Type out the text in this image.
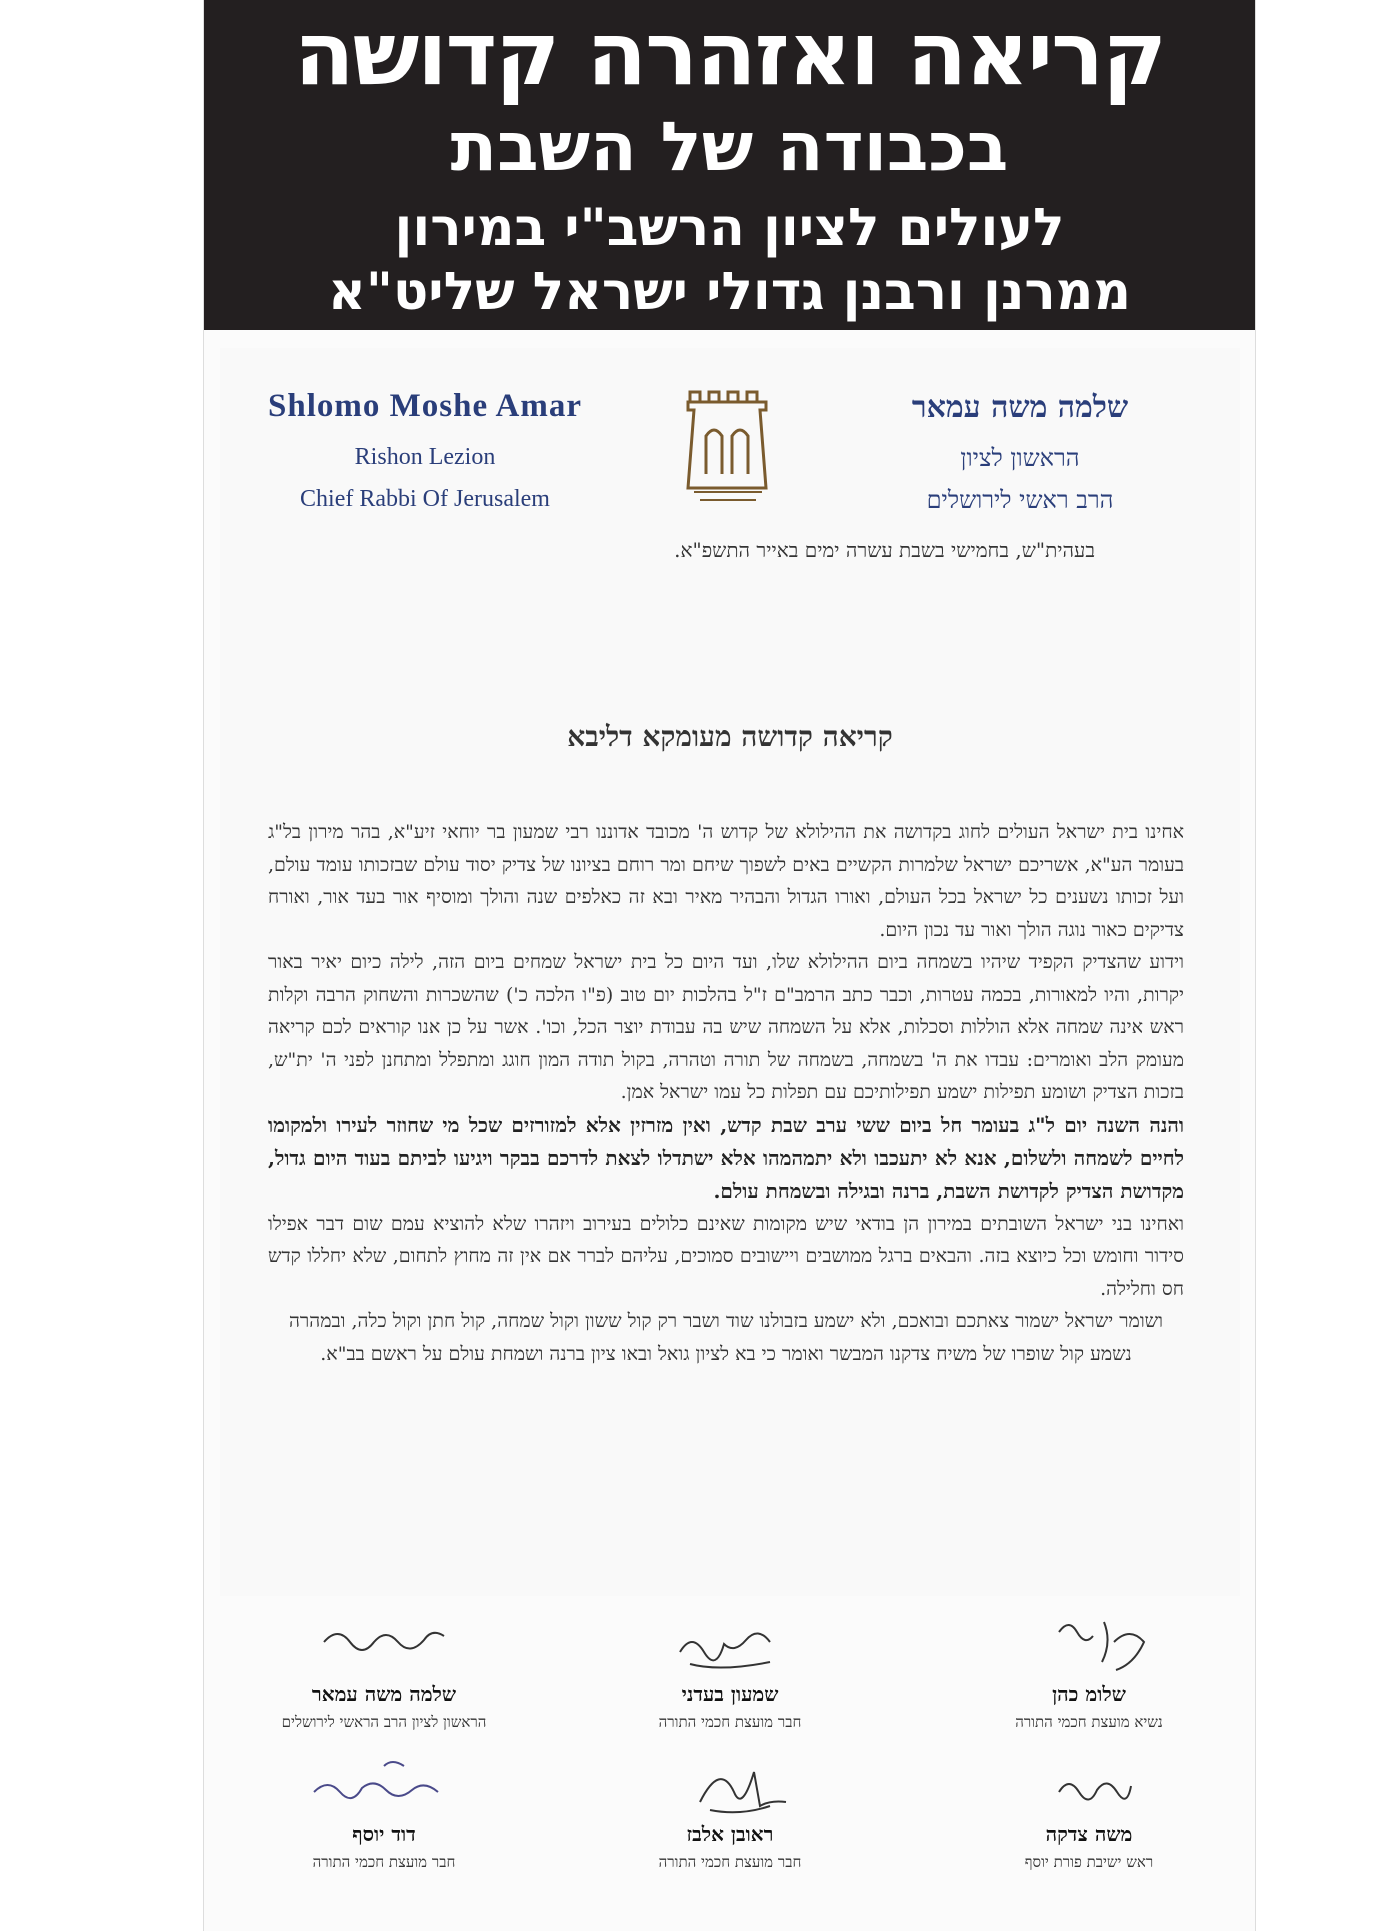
קריאה ואזהרה קדושה
בכבודה של השבת
לעולים לציון הרשב"י במירון
ממרנן ורבנן גדולי ישראל שליט"א
Shlomo Moshe Amar
Rishon Lezion
Chief Rabbi Of Jerusalem
שלמה משה עמאר
הראשון לציון
הרב ראשי לירושלים
בעהית"ש, בחמישי בשבת עשרה ימים באייר התשפ"א.
קריאה קדושה מעומקא דליבא

אחינו בית ישראל העולים לחוג בקדושה את ההילולא של קדוש ה' מכובד אדוננו רבי שמעון בר יוחאי זיע"א, בהר מירון בל"ג בעומר הע"א, אשריכם ישראל שלמרות הקשיים באים לשפוך שיחם ומר רוחם בציונו של צדיק יסוד עולם שבזכותו עומד עולם, ועל זכותו נשענים כל ישראל בכל העולם, ואורו הגדול והבהיר מאיר ובא זה כאלפים שנה והולך ומוסיף אור בעד אור, ואורח צדיקים כאור נוגה הולך ואור עד נכון היום.

וידוע שהצדיק הקפיד שיהיו בשמחה ביום ההילולא שלו, ועד היום כל בית ישראל שמחים ביום הזה, לילה כיום יאיר באור יקרות, והיו למאורות, בכמה עטרות, וכבר כתב הרמב"ם ז"ל בהלכות יום טוב (פ"ו הלכה כ') שהשכרות והשחוק הרבה וקלות ראש אינה שמחה אלא הוללות וסכלות, אלא על השמחה שיש בה עבודת יוצר הכל, וכו'. אשר על כן אנו קוראים לכם קריאה מעומק הלב ואומרים: עבדו את ה' בשמחה, בשמחה של תורה וטהרה, בקול תודה המון חוגג ומתפלל ומתחנן לפני ה' ית"ש, בזכות הצדיק ושומע תפילות ישמע תפילותיכם עם תפלות כל עמו ישראל אמן.

והנה השנה יום ל"ג בעומר חל ביום ששי ערב שבת קדש, ואין מזרזין אלא למזורזים שכל מי שחוזר לעירו ולמקומו לחיים לשמחה ולשלום, אנא לא יתעכבו ולא יתמהמהו אלא ישתדלו לצאת לדרכם בבקר ויגיעו לביתם בעוד היום גדול, מקדושת הצדיק לקדושת השבת, ברנה ובגילה ובשמחת עולם.

ואחינו בני ישראל השובתים במירון הן בודאי שיש מקומות שאינם כלולים בעירוב ויזהרו שלא להוציא עמם שום דבר אפילו סידור וחומש וכל כיוצא בזה. והבאים ברגל ממושבים ויישובים סמוכים, עליהם לברר אם אין זה מחוץ לתחום, שלא יחללו קדש חס וחלילה.

ושומר ישראל ישמור צאתכם ובואכם, ולא ישמע בזבולנו שוד ושבר רק קול ששון וקול שמחה, קול חתן וקול כלה, ובמהרה נשמע קול שופרו של משיח צדקנו המבשר ואומר כי בא לציון גואל ובאו ציון ברנה ושמחת עולם על ראשם בב"א.

שלומ כהן
נשיא מועצת חכמי התורה
שמעון בעדני
חבר מועצת חכמי התורה
שלמה משה עמאר
הראשון לציון הרב הראשי לירושלים
משה צדקה
ראש ישיבת פורת יוסף
ראובן אלבז
חבר מועצת חכמי התורה
דוד יוסף
חבר מועצת חכמי התורה
